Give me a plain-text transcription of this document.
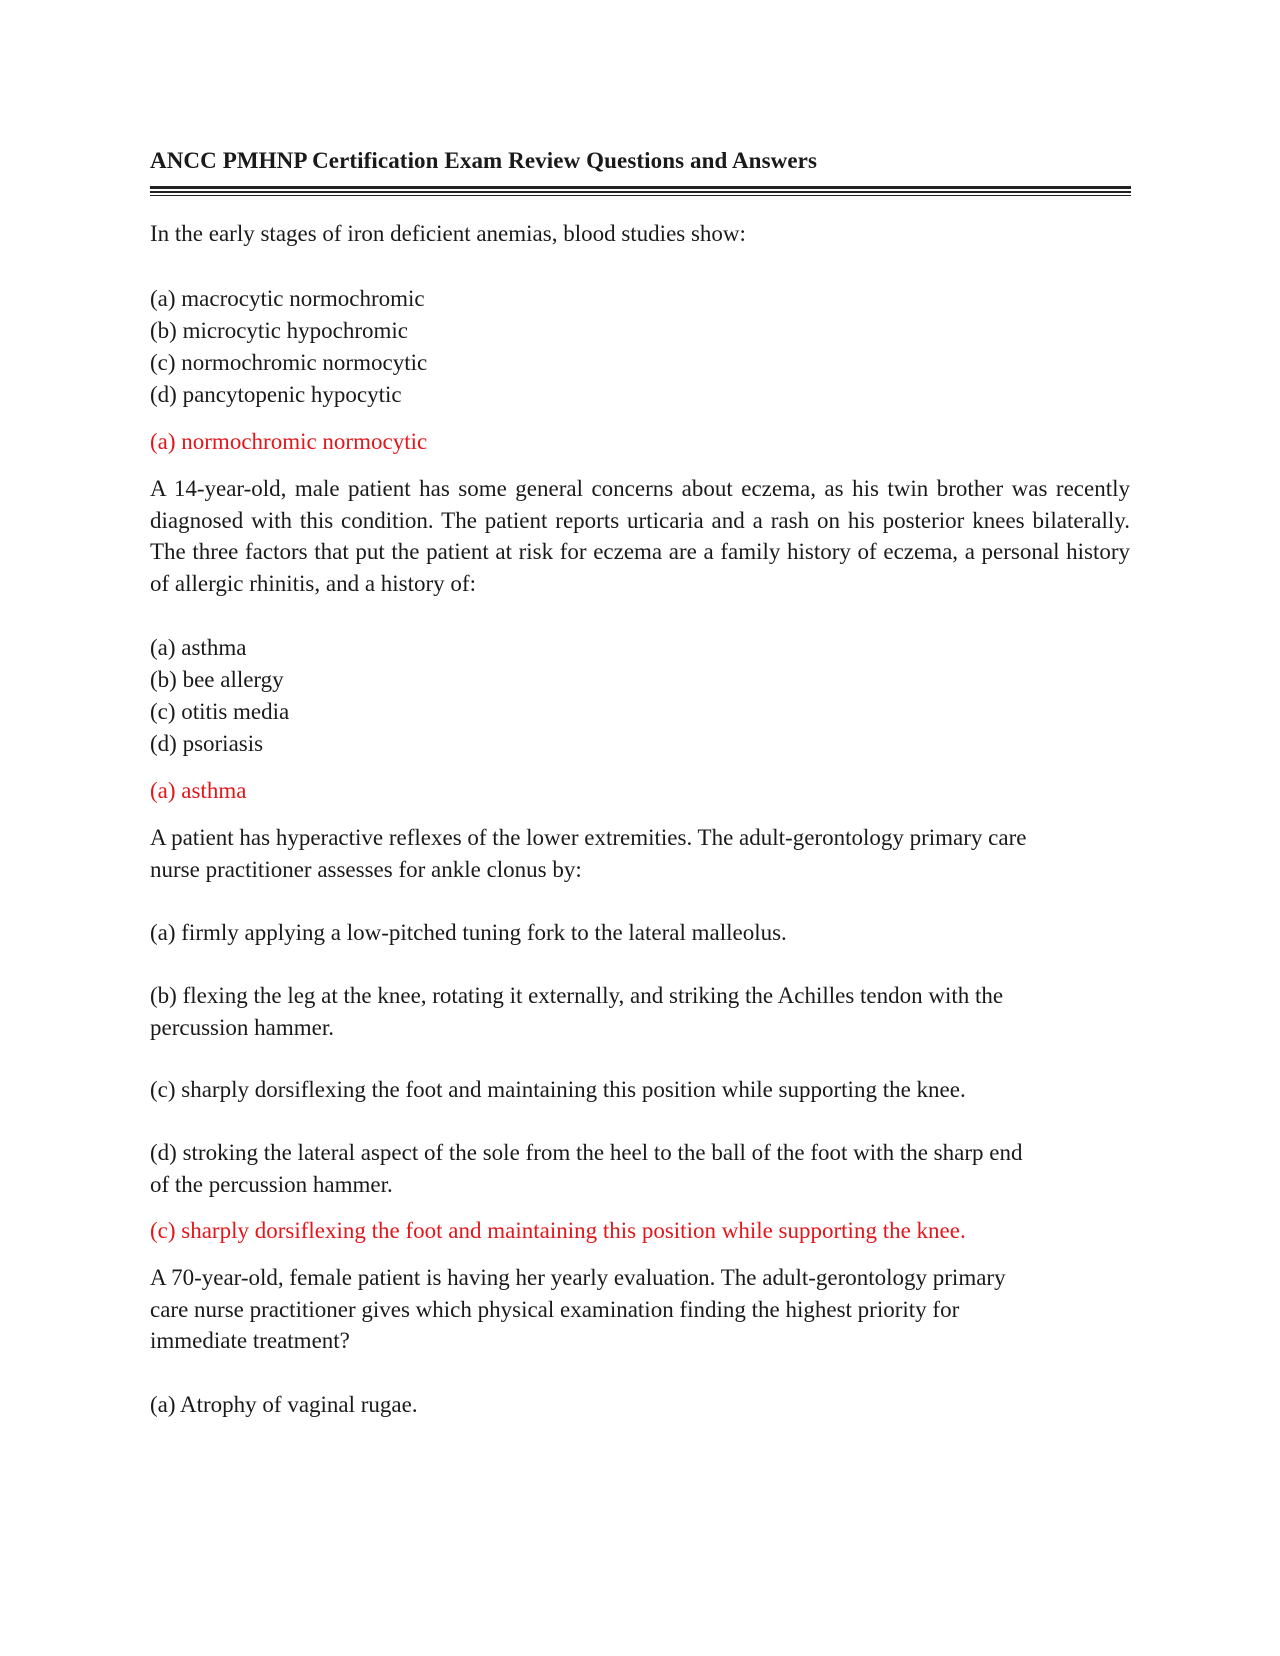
ANCC PMHNP Certification Exam Review Questions and Answers

In the early stages of iron deficient anemias, blood studies show:

(a) macrocytic normochromic

(b) microcytic hypochromic

(c) normochromic normocytic

(d) pancytopenic hypocytic

(a) normochromic normocytic

A 14-year-old, male patient has some general concerns about eczema, as his twin brother was recently diagnosed with this condition. The patient reports urticaria and a rash on his posterior knees bilaterally. The three factors that put the patient at risk for eczema are a family history of eczema, a personal history of allergic rhinitis, and a history of:

(a) asthma

(b) bee allergy

(c) otitis media

(d) psoriasis

(a) asthma

A patient has hyperactive reflexes of the lower extremities. The adult-gerontology primary care nurse practitioner assesses for ankle clonus by:

(a) firmly applying a low-pitched tuning fork to the lateral malleolus.

(b) flexing the leg at the knee, rotating it externally, and striking the Achilles tendon with the percussion hammer.

(c) sharply dorsiflexing the foot and maintaining this position while supporting the knee.

(d) stroking the lateral aspect of the sole from the heel to the ball of the foot with the sharp end of the percussion hammer.

(c) sharply dorsiflexing the foot and maintaining this position while supporting the knee.

A 70-year-old, female patient is having her yearly evaluation. The adult-gerontology primary care nurse practitioner gives which physical examination finding the highest priority for immediate treatment?

(a) Atrophy of vaginal rugae.
